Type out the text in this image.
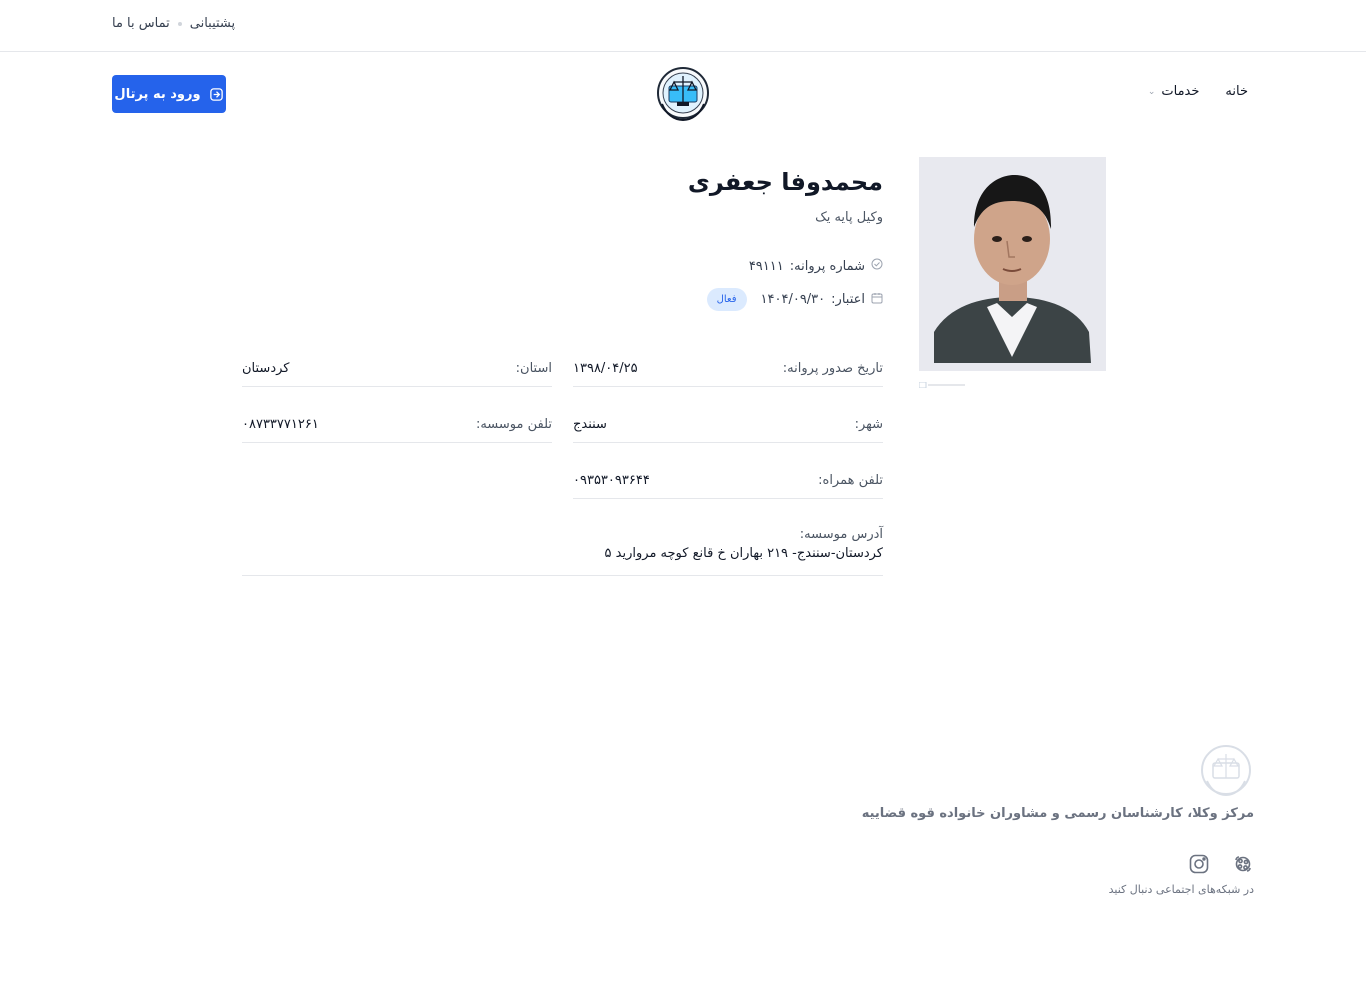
پشتیبانی
تماس با ما
ورود به پرتال	خانه
خدمات
⌄
محمدوفا جعفری
وکیل پایه یک
شماره پروانه:
۴۹۱۱۱
اعتبار:
۱۴۰۴/۰۹/۳۰
فعال
تاریخ صدور پروانه:
۱۳۹۸/۰۴/۲۵
استان:
کردستان
شهر:
سنندج
تلفن موسسه:
۰۸۷۳۳۷۷۱۲۶۱
تلفن همراه:
۰۹۳۵۳۰۹۳۶۴۴
آدرس موسسه:
کردستان-سنندج- ۲۱۹ بهاران خ قانع کوچه مروارید ۵
مرکز وکلا، کارشناسان رسمی و مشاوران خانواده قوه قضاییه
در شبکه‌های اجتماعی دنبال کنید
